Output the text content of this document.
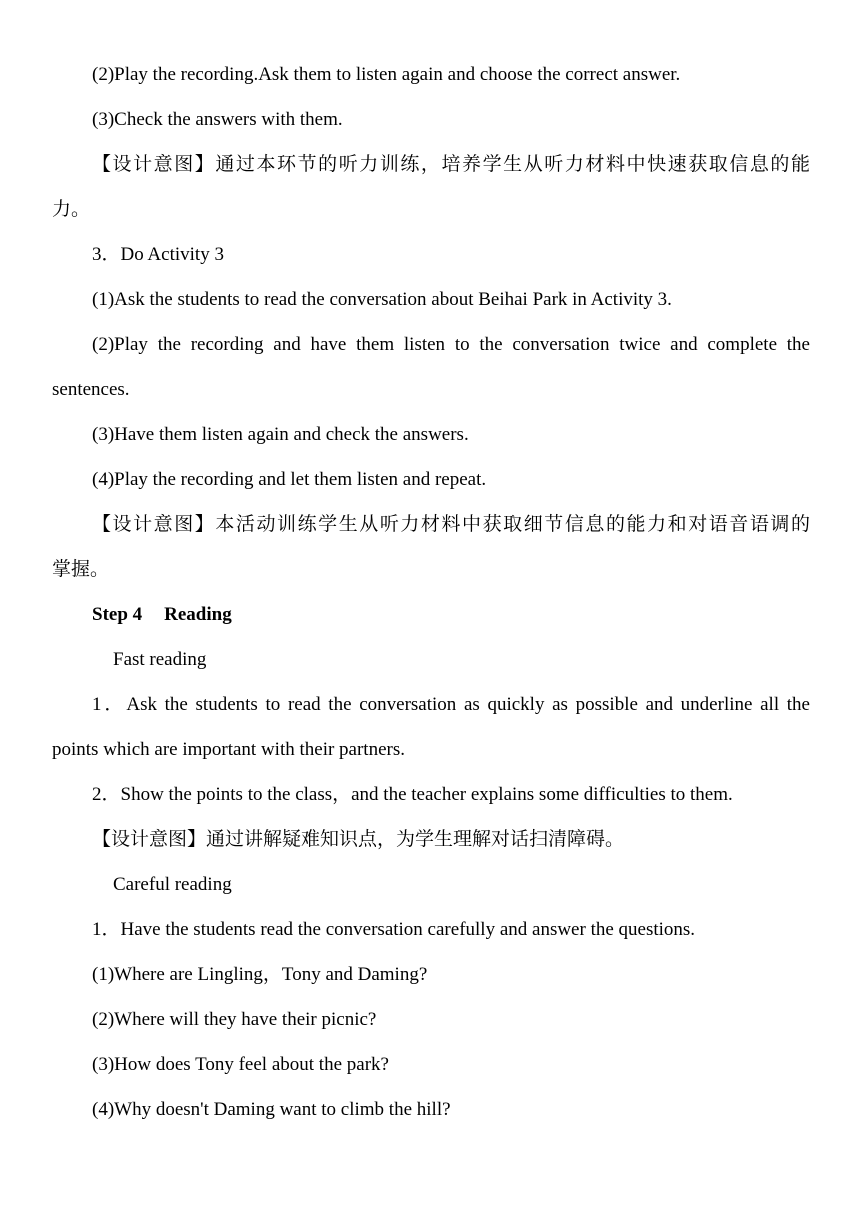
(2)Play the recording.Ask them to listen again and choose the correct answer.
(3)Check the answers with them.
【设计意图】通过本环节的听力训练，培养学生从听力材料中快速获取信息的能
力。
3．Do Activity 3
(1)Ask the students to read the conversation about Beihai Park in Activity 3.
(2)Play the recording and have them listen to the conversation twice and complete the
sentences.
(3)Have them listen again and check the answers.
(4)Play the recording and let them listen and repeat.
【设计意图】本活动训练学生从听力材料中获取细节信息的能力和对语音语调的
掌握。
Step 4 Reading
Fast reading
1．Ask the students to read the conversation as quickly as possible and underline all the
points which are important with their partners.
2．Show the points to the class，and the teacher explains some difficulties to them.
【设计意图】通过讲解疑难知识点，为学生理解对话扫清障碍。
Careful reading
1．Have the students read the conversation carefully and answer the questions.
(1)Where are Lingling，Tony and Daming?
(2)Where will they have their picnic?
(3)How does Tony feel about the park?
(4)Why doesn't Daming want to climb the hill?
